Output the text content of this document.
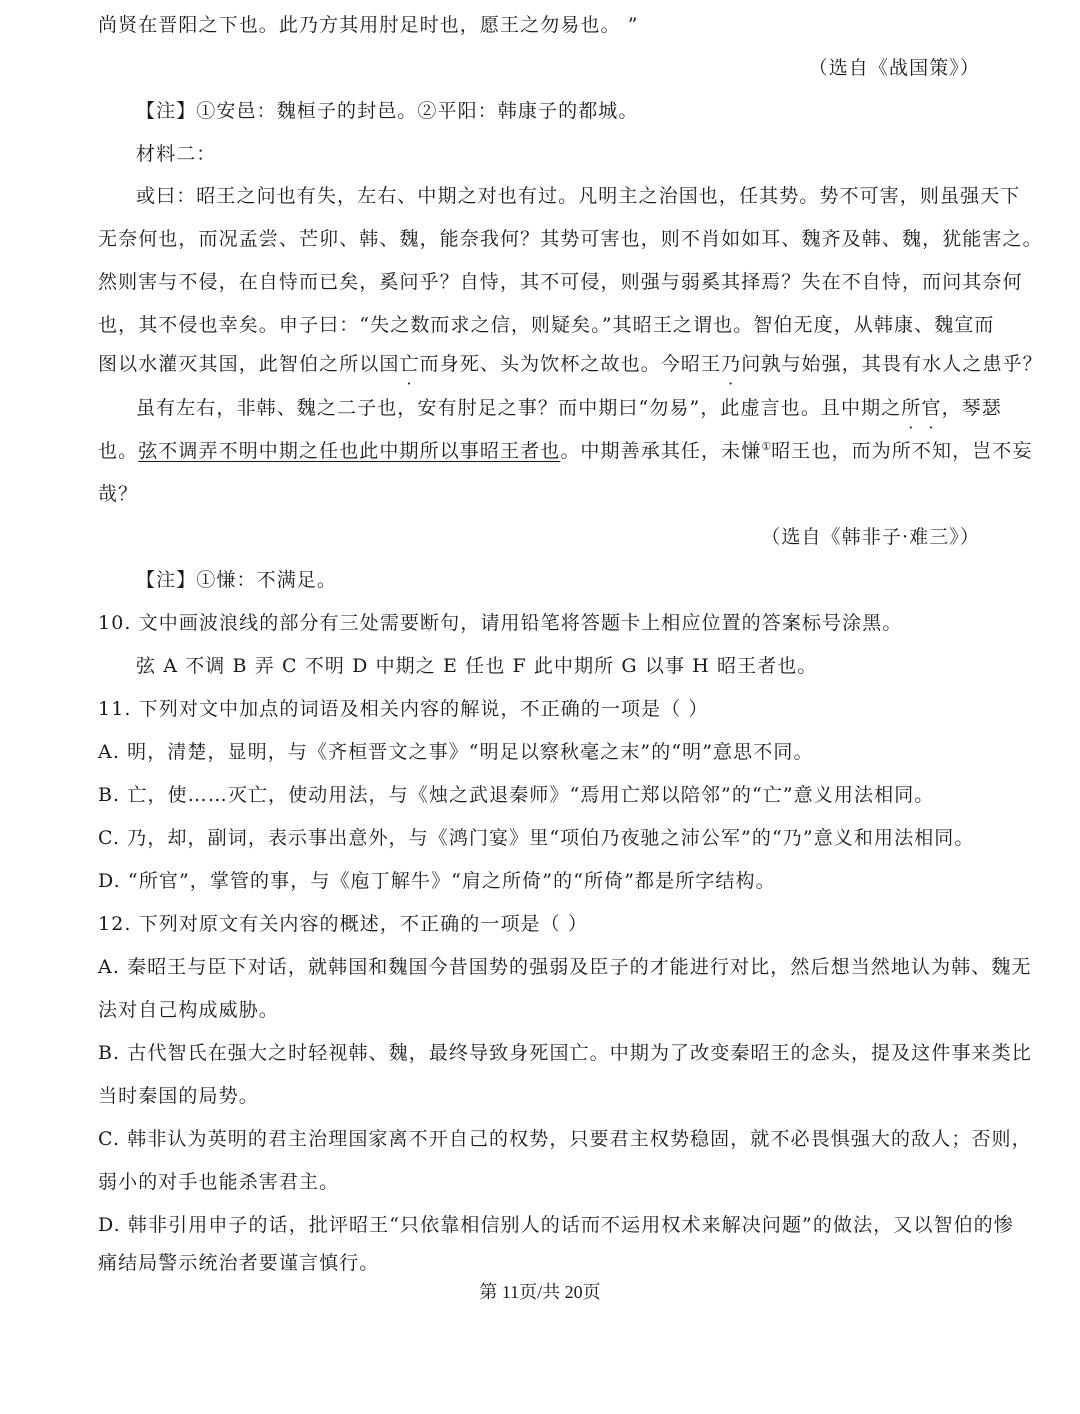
尚贤在晋阳之下也。此乃方其用肘足时也，愿王之勿易也。 ”
（选自《战国策》）
【注】①安邑：魏桓子的封邑。②平阳：韩康子的都城。
材料二：
或曰：昭王之问也有失，左右、中期之对也有过。凡明主之治国也，任其势。势不可害，则虽强天下
无奈何也，而况孟尝、芒卯、韩、魏，能奈我何？其势可害也，则不肖如如耳、魏齐及韩、魏，犹能害之。
然则害与不侵，在自恃而已矣，奚问乎？自恃，其不可侵，则强与弱奚其择焉？失在不自恃，而问其奈何
也，其不侵也幸矣。申子曰：“失之数而求之信，则疑矣。”其昭王之谓也。智伯无度，从韩康、魏宣而
图以水灌灭其国，此智伯之所以国亡而身死、头为饮杯之故也。今昭王乃问孰与始强，其畏有水人之患乎？
虽有左右，非韩、魏之二子也，安有肘足之事？而中期曰“勿易”，此虚言也。且中期之所官，琴瑟
也。弦不调弄不明中期之任也此中期所以事昭王者也。中期善承其任，未慊①昭王也，而为所不知，岂不妄
哉？
（选自《韩非子·难三》）
【注】①慊：不满足。
10. 文中画波浪线的部分有三处需要断句，请用铅笔将答题卡上相应位置的答案标号涂黑。
弦 A 不调 B 弄 C 不明 D 中期之 E 任也 F 此中期所 G 以事 H 昭王者也。
11. 下列对文中加点的词语及相关内容的解说，不正确的一项是（ ）
A. 明，清楚，显明，与《齐桓晋文之事》“明足以察秋毫之末”的“明”意思不同。
B. 亡，使……灭亡，使动用法，与《烛之武退秦师》“焉用亡郑以陪邻”的“亡”意义用法相同。
C. 乃，却，副词，表示事出意外，与《鸿门宴》里“项伯乃夜驰之沛公军”的“乃”意义和用法相同。
D. “所官”，掌管的事，与《庖丁解牛》“肩之所倚”的“所倚”都是所字结构。
12. 下列对原文有关内容的概述，不正确的一项是（ ）
A. 秦昭王与臣下对话，就韩国和魏国今昔国势的强弱及臣子的才能进行对比，然后想当然地认为韩、魏无
法对自己构成威胁。
B. 古代智氏在强大之时轻视韩、魏，最终导致身死国亡。中期为了改变秦昭王的念头，提及这件事来类比
当时秦国的局势。
C. 韩非认为英明的君主治理国家离不开自己的权势，只要君主权势稳固，就不必畏惧强大的敌人；否则，
弱小的对手也能杀害君主。
D. 韩非引用申子的话，批评昭王“只依靠相信别人的话而不运用权术来解决问题”的做法，又以智伯的惨
痛结局警示统治者要谨言慎行。
第 11页/共 20页
